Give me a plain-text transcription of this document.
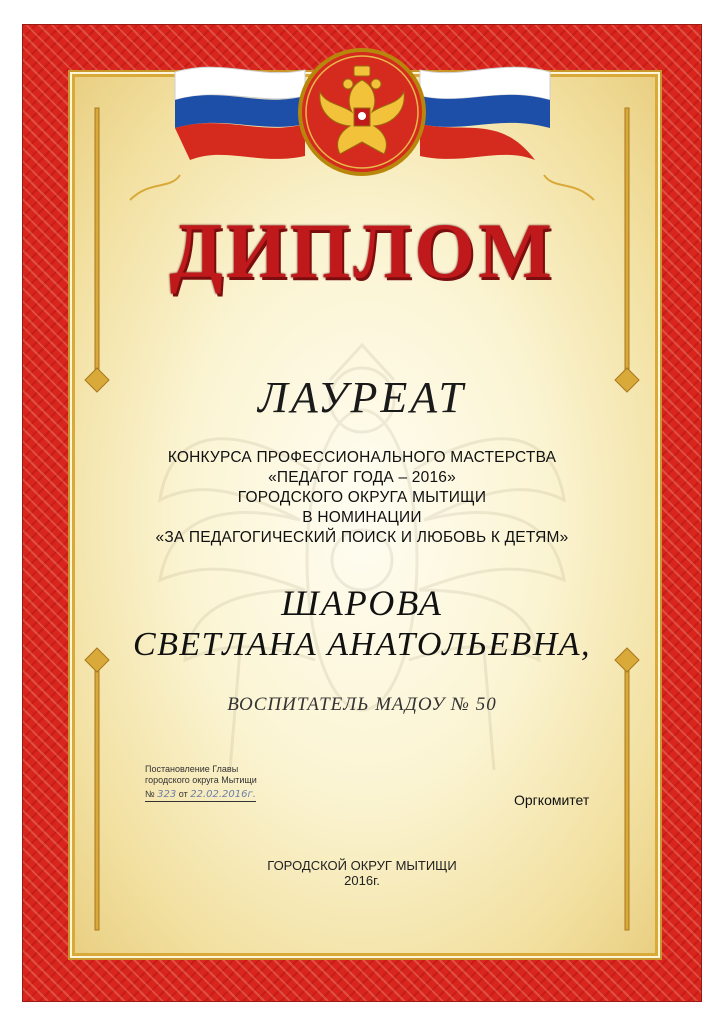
ДИПЛОМ
ЛАУРЕАТ
КОНКУРСА ПРОФЕССИОНАЛЬНОГО МАСТЕРСТВА
«ПЕДАГОГ ГОДА – 2016»
ГОРОДСКОГО ОКРУГА МЫТИЩИ
В НОМИНАЦИИ
«ЗА ПЕДАГОГИЧЕСКИЙ ПОИСК И ЛЮБОВЬ К ДЕТЯМ»
ШАРОВА
СВЕТЛАНА АНАТОЛЬЕВНА,
ВОСПИТАТЕЛЬ МАДОУ № 50
Постановление Главы
городского округа Мытищи
№ 323 от 22.02.2016г.	Оргкомитет
ГОРОДСКОЙ ОКРУГ МЫТИЩИ
2016г.
